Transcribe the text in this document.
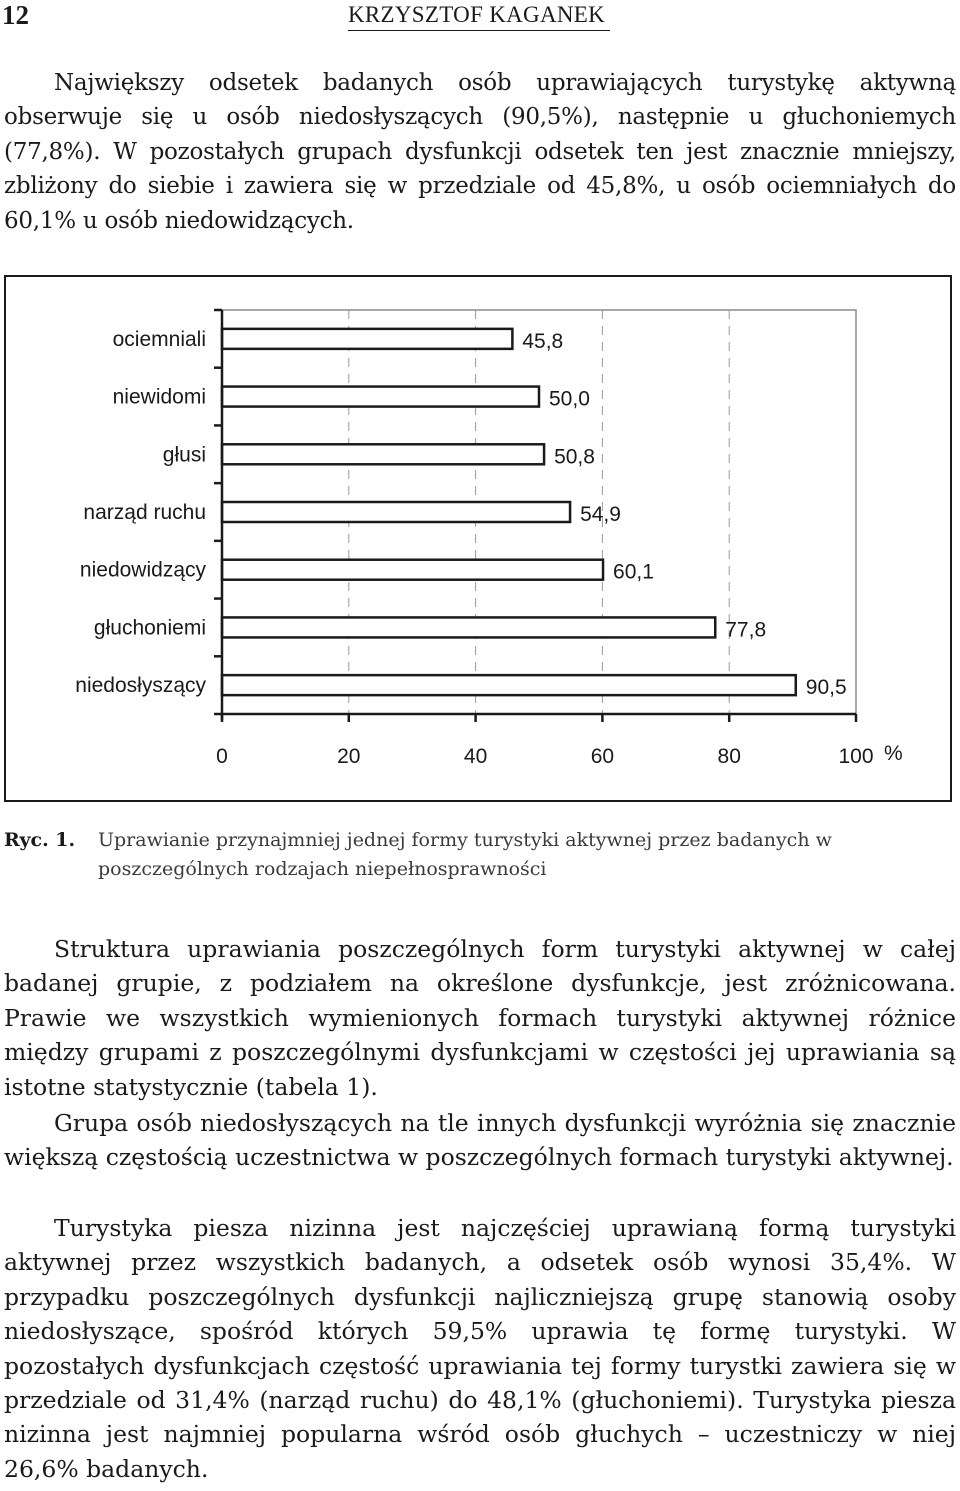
12	KRZYSZTOF KAGANEK

Największy odsetek badanych osób uprawiających turystykę aktywną obserwuje się u osób niedosłyszących (90,5%), następnie u głuchoniemych (77,8%). W pozostałych grupach dysfunkcji odsetek ten jest znacznie mniejszy, zbliżony do siebie i zawiera się w przedziale od 45,8%, u osób ociemniałych do 60,1% u osób niedowidzących.

ociemniali
niewidomi
głusi
narząd ruchu
niedowidzący
głuchoniemi
niedosłyszący
45,8
50,0
50,8
54,9
60,1
77,8
90,5
0	20	40	60	80	100 %
Ryc. 1. Uprawianie przynajmniej jednej formy turystyki aktywnej przez badanych w poszczególnych rodzajach niepełnosprawności

Struktura uprawiania poszczególnych form turystyki aktywnej w całej badanej grupie, z podziałem na określone dysfunkcje, jest zróżnicowana. Prawie we wszystkich wymienionych formach turystyki aktywnej różnice między grupami z poszczególnymi dysfunkcjami w częstości jej uprawiania są istotne statystycznie (tabela 1).

Grupa osób niedosłyszących na tle innych dysfunkcji wyróżnia się znacznie większą częstością uczestnictwa w poszczególnych formach turystyki aktywnej.

Turystyka piesza nizinna jest najczęściej uprawianą formą turystyki aktywnej przez wszystkich badanych, a odsetek osób wynosi 35,4%. W przypadku poszczególnych dysfunkcji najliczniejszą grupę stanowią osoby niedosłyszące, spośród których 59,5% uprawia tę formę turystyki. W pozostałych dysfunkcjach częstość uprawiania tej formy turystki zawiera się w przedziale od 31,4% (narząd ruchu) do 48,1% (głuchoniemi). Turystyka piesza nizinna jest najmniej popularna wśród osób głuchych – uczestniczy w niej 26,6% badanych.
